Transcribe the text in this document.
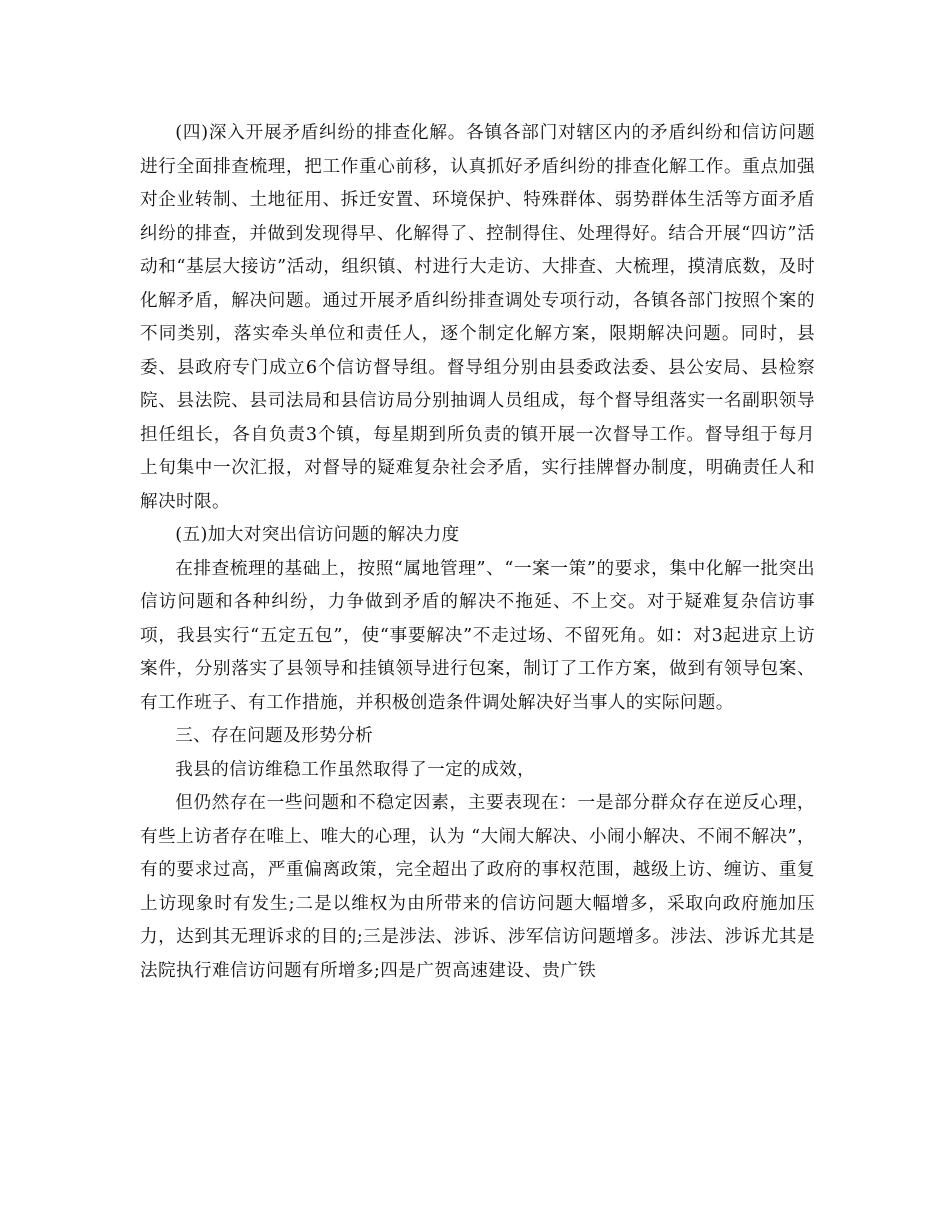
(四)深入开展矛盾纠纷的排查化解。各镇各部门对辖区内的矛盾纠纷和信访问题进行全面排查梳理，把工作重心前移，认真抓好矛盾纠纷的排查化解工作。重点加强对企业转制、土地征用、拆迁安置、环境保护、特殊群体、弱势群体生活等方面矛盾纠纷的排查，并做到发现得早、化解得了、控制得住、处理得好。结合开展“四访”活动和“基层大接访”活动，组织镇、村进行大走访、大排查、大梳理，摸清底数，及时化解矛盾，解决问题。通过开展矛盾纠纷排查调处专项行动，各镇各部门按照个案的不同类别，落实牵头单位和责任人，逐个制定化解方案，限期解决问题。同时，县委、县政府专门成立6个信访督导组。督导组分别由县委政法委、县公安局、县检察院、县法院、县司法局和县信访局分别抽调人员组成，每个督导组落实一名副职领导担任组长，各自负责3个镇，每星期到所负责的镇开展一次督导工作。督导组于每月上旬集中一次汇报，对督导的疑难复杂社会矛盾，实行挂牌督办制度，明确责任人和解决时限。

(五)加大对突出信访问题的解决力度

在排查梳理的基础上，按照“属地管理”、“一案一策”的要求，集中化解一批突出信访问题和各种纠纷，力争做到矛盾的解决不拖延、不上交。对于疑难复杂信访事项，我县实行“五定五包”，使“事要解决”不走过场、不留死角。如：对3起进京上访案件，分别落实了县领导和挂镇领导进行包案，制订了工作方案，做到有领导包案、有工作班子、有工作措施，并积极创造条件调处解决好当事人的实际问题。

三、存在问题及形势分析

我县的信访维稳工作虽然取得了一定的成效，

但仍然存在一些问题和不稳定因素，主要表现在：一是部分群众存在逆反心理，有些上访者存在唯上、唯大的心理，认为 “大闹大解决、小闹小解决、不闹不解决”，有的要求过高，严重偏离政策，完全超出了政府的事权范围，越级上访、缠访、重复上访现象时有发生;二是以维权为由所带来的信访问题大幅增多，采取向政府施加压力，达到其无理诉求的目的;三是涉法、涉诉、涉军信访问题增多。涉法、涉诉尤其是法院执行难信访问题有所增多;四是广贺高速建设、贵广铁
